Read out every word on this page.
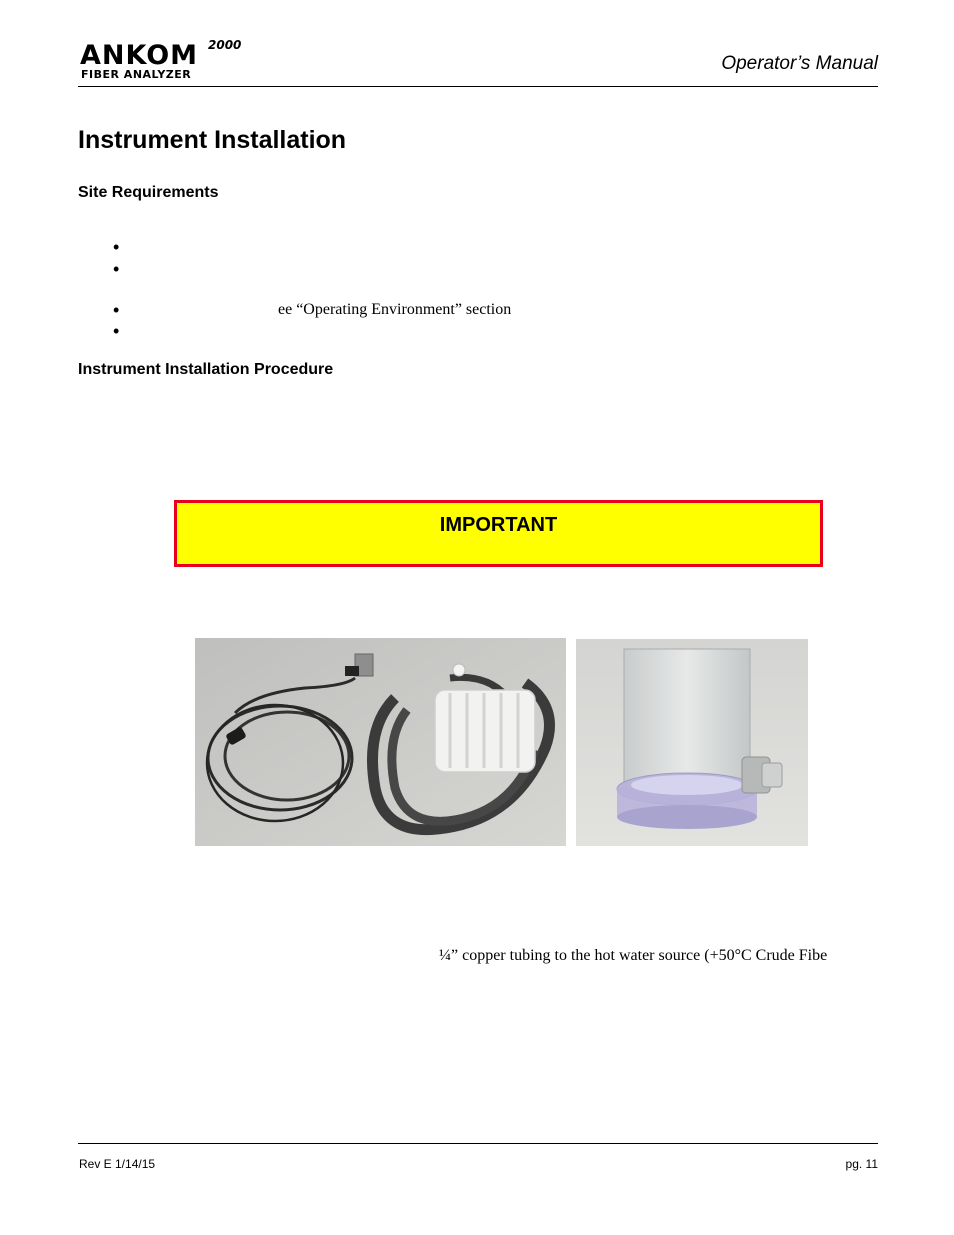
ANKOM 2000
FIBER ANALYZER
Operator’s Manual
Instrument Installation
Site Requirements
•
•
•
•
ee “Operating Environment” section
Instrument Installation Procedure
IMPORTANT
¼” copper tubing to the hot water source (+50°C Crude Fibe
Rev E 1/14/15	pg. 11
